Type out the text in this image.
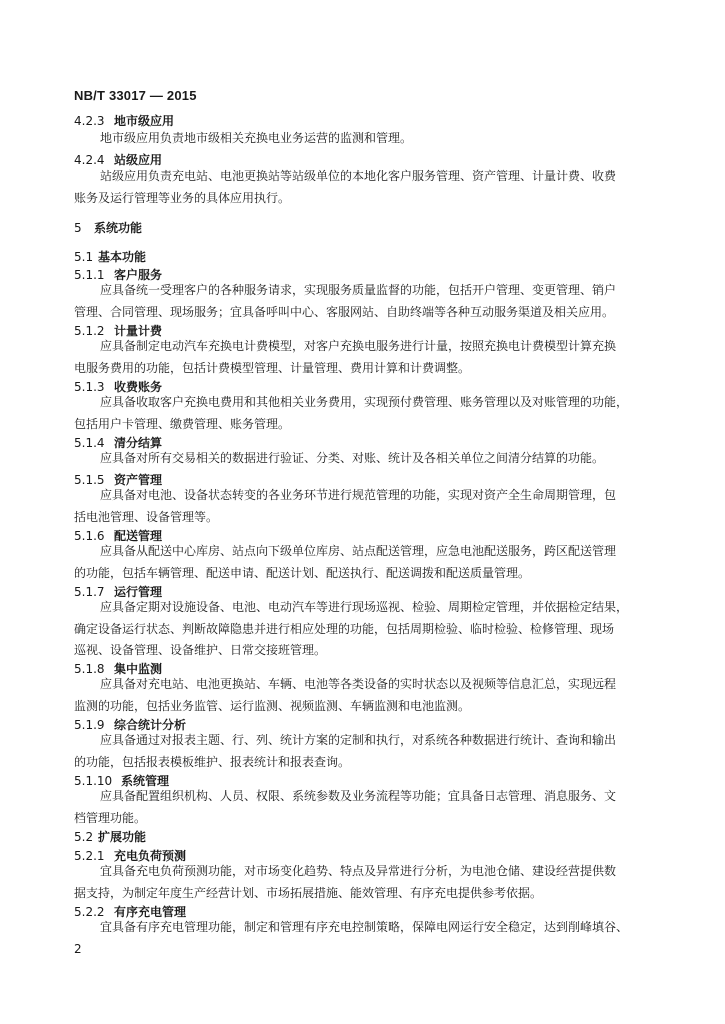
NB/T 33017 — 2015
4.2.3 地市级应用
地市级应用负责地市级相关充换电业务运营的监测和管理。
4.2.4 站级应用
站级应用负责充电站、电池更换站等站级单位的本地化客户服务管理、资产管理、计量计费、收费
账务及运行管理等业务的具体应用执行。
5 系统功能
5.1 基本功能
5.1.1 客户服务
应具备统一受理客户的各种服务请求，实现服务质量监督的功能，包括开户管理、变更管理、销户
管理、合同管理、现场服务；宜具备呼叫中心、客服网站、自助终端等各种互动服务渠道及相关应用。
5.1.2 计量计费
应具备制定电动汽车充换电计费模型，对客户充换电服务进行计量，按照充换电计费模型计算充换
电服务费用的功能，包括计费模型管理、计量管理、费用计算和计费调整。
5.1.3 收费账务
应具备收取客户充换电费用和其他相关业务费用，实现预付费管理、账务管理以及对账管理的功能，
包括用户卡管理、缴费管理、账务管理。
5.1.4 清分结算
应具备对所有交易相关的数据进行验证、分类、对账、统计及各相关单位之间清分结算的功能。
5.1.5 资产管理
应具备对电池、设备状态转变的各业务环节进行规范管理的功能，实现对资产全生命周期管理，包
括电池管理、设备管理等。
5.1.6 配送管理
应具备从配送中心库房、站点向下级单位库房、站点配送管理，应急电池配送服务，跨区配送管理
的功能，包括车辆管理、配送申请、配送计划、配送执行、配送调拨和配送质量管理。
5.1.7 运行管理
应具备定期对设施设备、电池、电动汽车等进行现场巡视、检验、周期检定管理，并依据检定结果，
确定设备运行状态、判断故障隐患并进行相应处理的功能，包括周期检验、临时检验、检修管理、现场
巡视、设备管理、设备维护、日常交接班管理。
5.1.8 集中监测
应具备对充电站、电池更换站、车辆、电池等各类设备的实时状态以及视频等信息汇总，实现远程
监测的功能，包括业务监管、运行监测、视频监测、车辆监测和电池监测。
5.1.9 综合统计分析
应具备通过对报表主题、行、列、统计方案的定制和执行，对系统各种数据进行统计、查询和输出
的功能，包括报表模板维护、报表统计和报表查询。
5.1.10 系统管理
应具备配置组织机构、人员、权限、系统参数及业务流程等功能；宜具备日志管理、消息服务、文
档管理功能。
5.2 扩展功能
5.2.1 充电负荷预测
宜具备充电负荷预测功能，对市场变化趋势、特点及异常进行分析，为电池仓储、建设经营提供数
据支持，为制定年度生产经营计划、市场拓展措施、能效管理、有序充电提供参考依据。
5.2.2 有序充电管理
宜具备有序充电管理功能，制定和管理有序充电控制策略，保障电网运行安全稳定，达到削峰填谷、
2
